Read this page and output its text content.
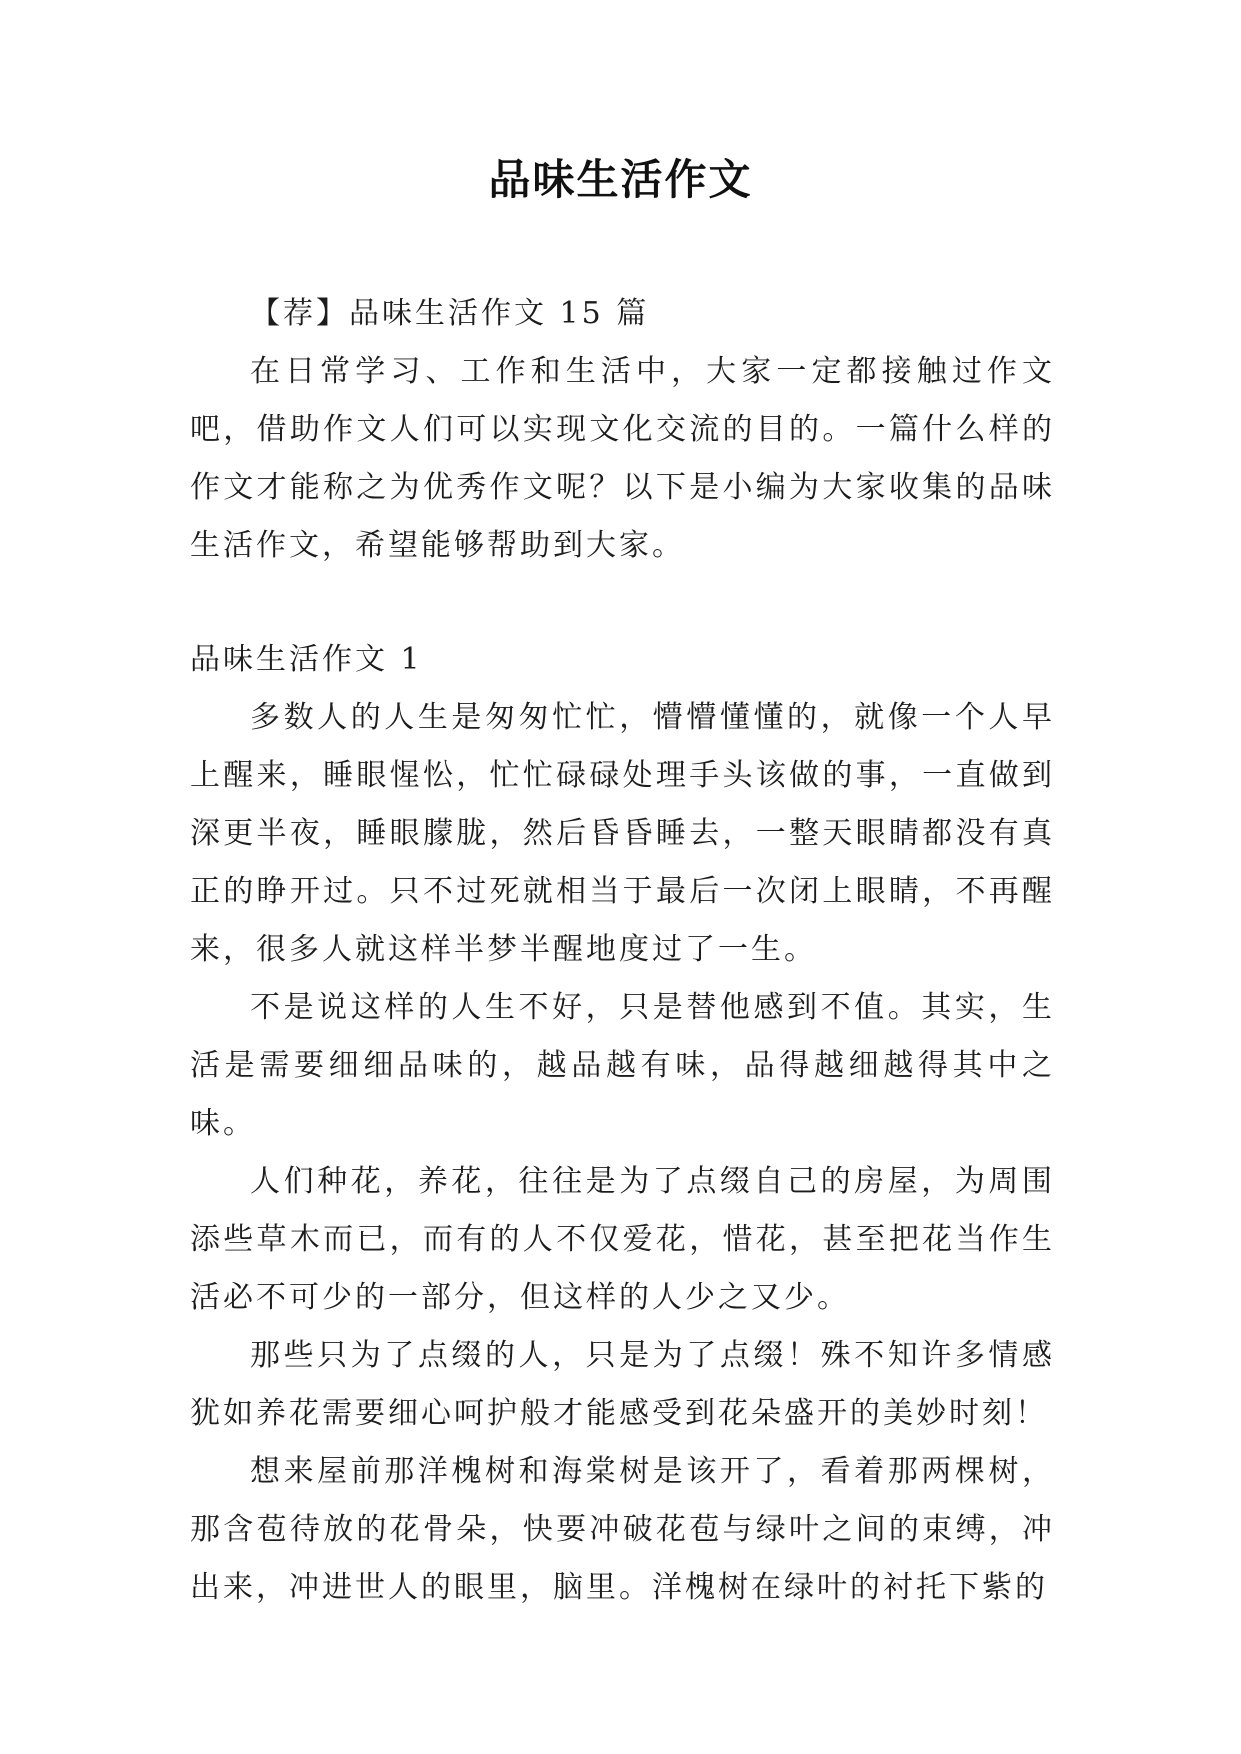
品味生活作文

【荐】品味生活作文 15 篇

在日常学习、工作和生活中，大家一定都接触过作文吧，借助作文人们可以实现文化交流的目的。一篇什么样的作文才能称之为优秀作文呢？以下是小编为大家收集的品味生活作文，希望能够帮助到大家。

品味生活作文 1

多数人的人生是匆匆忙忙，懵懵懂懂的，就像一个人早上醒来，睡眼惺忪，忙忙碌碌处理手头该做的事，一直做到深更半夜，睡眼朦胧，然后昏昏睡去，一整天眼睛都没有真正的睁开过。只不过死就相当于最后一次闭上眼睛，不再醒来，很多人就这样半梦半醒地度过了一生。

不是说这样的人生不好，只是替他感到不值。其实，生活是需要细细品味的，越品越有味，品得越细越得其中之味。

人们种花，养花，往往是为了点缀自己的房屋，为周围添些草木而已，而有的人不仅爱花，惜花，甚至把花当作生活必不可少的一部分，但这样的人少之又少。

那些只为了点缀的人，只是为了点缀！殊不知许多情感犹如养花需要细心呵护般才能感受到花朵盛开的美妙时刻！

想来屋前那洋槐树和海棠树是该开了，看着那两棵树，那含苞待放的花骨朵，快要冲破花苞与绿叶之间的束缚，冲出来，冲进世人的眼里，脑里。洋槐树在绿叶的衬托下紫的
